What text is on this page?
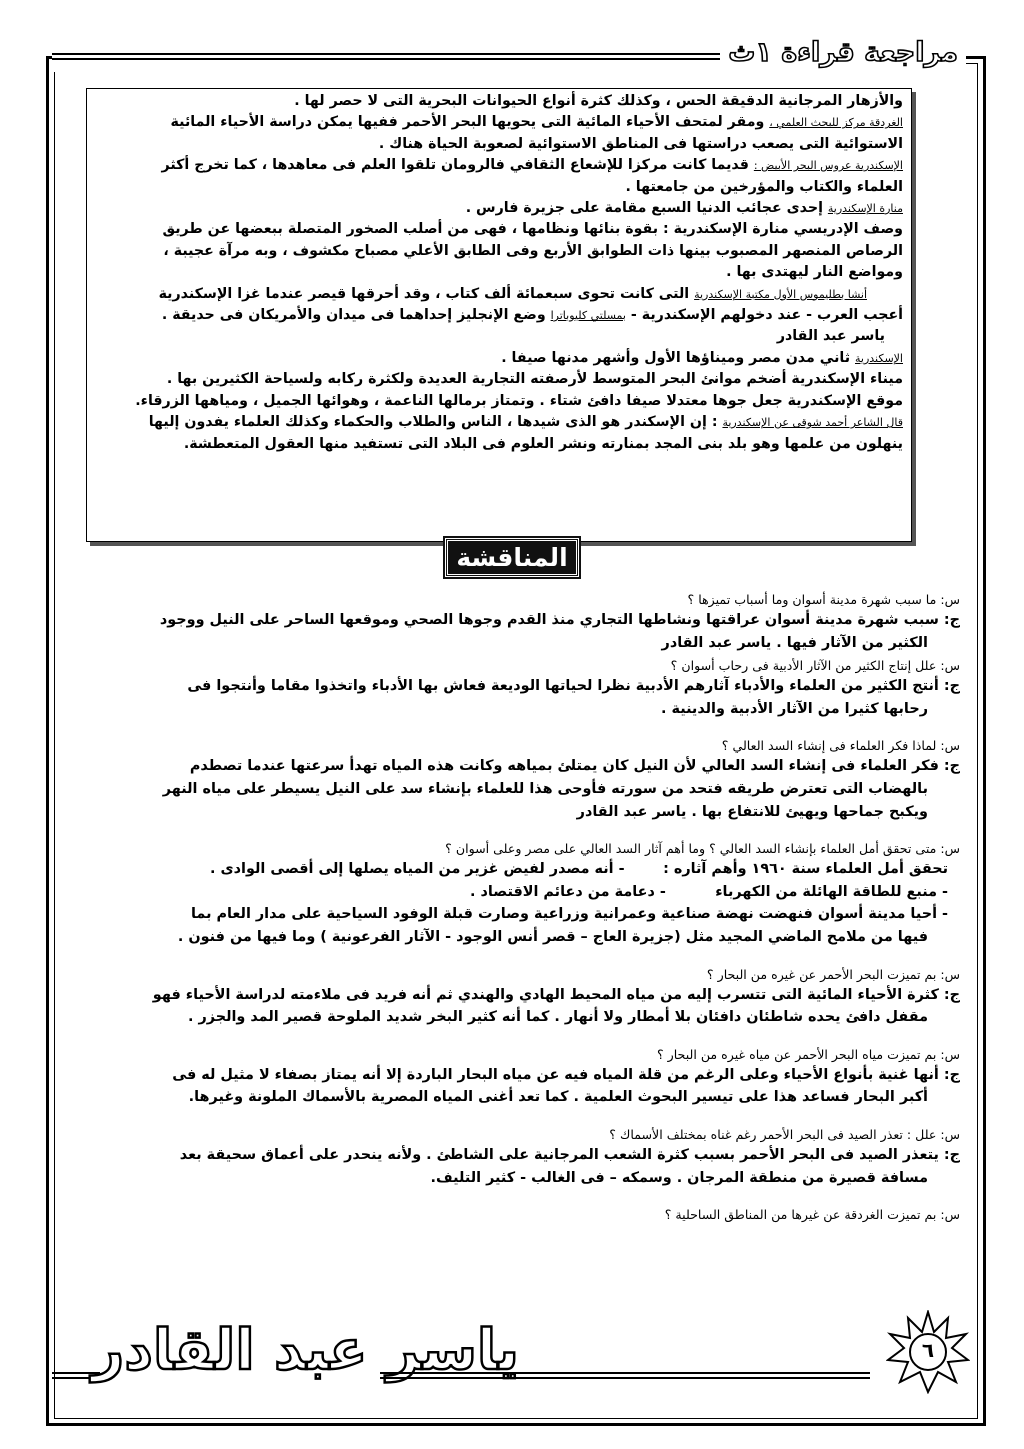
مراجعة قراءة ١ث
والأزهار المرجانية الدقيقة الحس ، وكذلك كثرة أنواع الحيوانات البحرية التى لا حصر لها .
الغردقة مركز للبحث العلمي ، ومقر لمتحف الأحياء المائية التى يحويها البحر الأحمر ففيها يمكن دراسة الأحياء المائية
الاستوائية التى يصعب دراستها فى المناطق الاستوائية لصعوبة الحياة هناك .
الإسكندرية عروس البحر الأبيض : قديما كانت مركزا للإشعاع الثقافي فالرومان تلقوا العلم فى معاهدها ، كما تخرج أكثر
العلماء والكتاب والمؤرخين من جامعتها .
منارة الإسكندرية إحدى عجائب الدنيا السبع مقامة على جزيرة فارس .
وصف الإدريسي منارة الإسكندرية : بقوة بنائها ونظامها ، فهى من أصلب الصخور المتصلة ببعضها عن طريق
الرصاص المنصهر المصبوب بينها ذات الطوابق الأربع وفى الطابق الأعلي مصباح مكشوف ، وبه مرآة عجيبة ،
ومواضع النار ليهتدى بها .
أنشا بطليموس الأول مكتبة الإسكندرية التى كانت تحوى سبعمائة ألف كتاب ، وقد أحرقها قيصر عندما غزا الإسكندرية
أعجب العرب - عند دخولهم الإسكندرية - بمسلتي كليوباترا وضع الإنجليز إحداهما فى ميدان والأمريكان فى حديقة .
ياسر عبد القادر
الإسكندرية ثاني مدن مصر وميناؤها الأول وأشهر مدنها صيفا .
ميناء الإسكندرية أضخم موانئ البحر المتوسط لأرصفته التجارية العديدة ولكثرة ركابه ولسياحة الكثيرين بها .
موقع الإسكندرية جعل جوها معتدلا صيفا دافئ شتاء . وتمتاز برمالها الناعمة ، وهوائها الجميل ، ومياهها الزرقاء.
قال الشاعر أحمد شوقى عن الإسكندرية : إن الإسكندر هو الذى شيدها ، الناس والطلاب والحكماء وكذلك العلماء يفدون إليها
ينهلون من علمها وهو بلد بنى المجد بمنارته ونشر العلوم فى البلاد التى تستفيد منها العقول المتعطشة.
المناقشة
س: ما سبب شهرة مدينة أسوان وما أسباب تميزها ؟
ج: سبب شهرة مدينة أسوان عراقتها ونشاطها التجاري منذ القدم وجوها الصحي وموقعها الساحر على النيل ووجود
الكثير من الآثار فيها . ياسر عبد القادر
س: علل إنتاج الكثير من الآثار الأدبية فى رحاب أسوان ؟
ج: أنتج الكثير من العلماء والأدباء آثارهم الأدبية نظرا لحياتها الوديعة فعاش بها الأدباء واتخذوا مقاما وأنتجوا فى
رحابها كثيرا من الآثار الأدبية والدينية .
س: لماذا فكر العلماء فى إنشاء السد العالي ؟
ج: فكر العلماء فى إنشاء السد العالي لأن النيل كان يمتلئ بمياهه وكانت هذه المياه تهدأ سرعتها عندما تصطدم
بالهضاب التى تعترض طريقه فتحد من سورته فأوحى هذا للعلماء بإنشاء سد على النيل يسيطر على مياه النهر
ويكبح جماحها ويهيئ للانتفاع بها . ياسر عبد القادر
س: متى تحقق أمل العلماء بإنشاء السد العالي ؟ وما أهم آثار السد العالي على مصر وعلى أسوان ؟
تحقق أمل العلماء سنة ١٩٦٠ وأهم آثاره :
- أنه مصدر لفيض غزير من المياه يصلها إلى أقصى الوادى .
- منبع للطاقة الهائلة من الكهرباء
- دعامة من دعائم الاقتصاد .
- أحيا مدينة أسوان فنهضت نهضة صناعية وعمرانية وزراعية وصارت قبلة الوفود السياحية على مدار العام بما
فيها من ملامح الماضي المجيد مثل (جزيرة العاج – قصر أنس الوجود - الآثار الفرعونية ) وما فيها من فنون .
س: بم تميزت البحر الأحمر عن غيره من البحار ؟
ج: كثرة الأحياء المائية التى تتسرب إليه من مياه المحيط الهادي والهندي ثم أنه فريد فى ملاءمته لدراسة الأحياء فهو
مقفل دافئ يحده شاطئان دافئان بلا أمطار ولا أنهار . كما أنه كثير البخر شديد الملوحة قصير المد والجزر .
س: بم تميزت مياه البحر الأحمر عن مياه غيره من البحار ؟
ج: أنها غنية بأنواع الأحياء وعلى الرغم من قلة المياه فيه عن مياه البحار الباردة إلا أنه يمتاز بصفاء لا مثيل له فى
أكبر البحار فساعد هذا على تيسير البحوث العلمية . كما تعد أغنى المياه المصرية بالأسماك الملونة وغيرها.
س: علل : تعذر الصيد فى البحر الأحمر رغم غناه بمختلف الأسماك ؟
ج: يتعذر الصيد فى البحر الأحمر بسبب كثرة الشعب المرجانية على الشاطئ . ولأنه ينحدر على أعماق سحيقة بعد
مسافة قصيرة من منطقة المرجان . وسمكه – فى الغالب - كثير التليف.
س: بم تميزت الغردقة عن غيرها من المناطق الساحلية ؟
ياسر عبد القادر	٦
